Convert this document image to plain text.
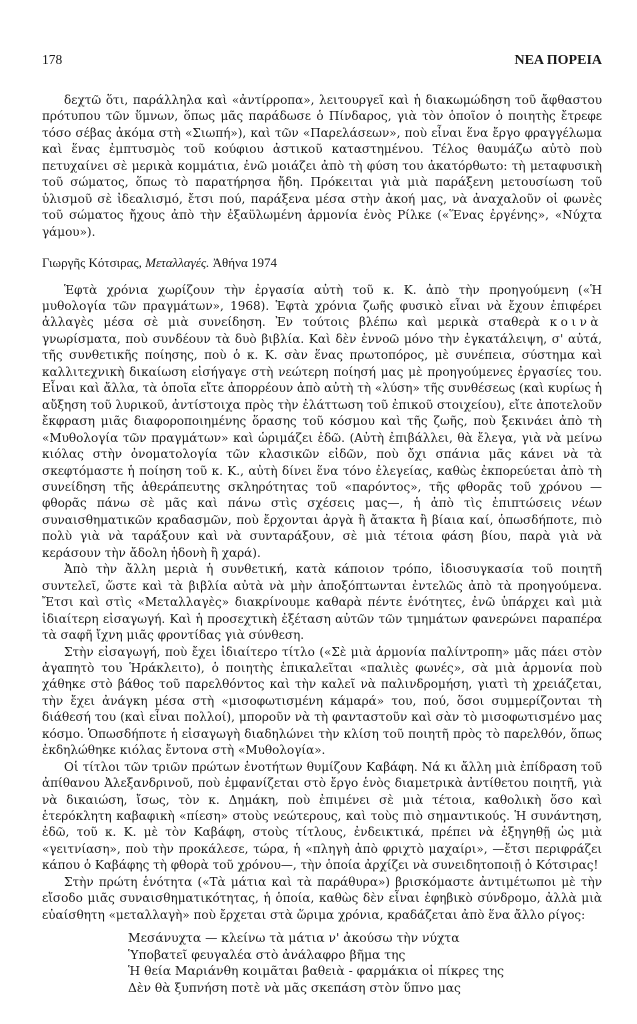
178	ΝΕΑ ΠΟΡΕΙΑ

δεχτῶ ὅτι, παράλληλα καὶ «ἀντίρροπα», λειτουργεῖ καὶ ἡ διακωμώδηση τοῦ ἄφθαστου πρότυπου τῶν ὕμνων, ὅπως μᾶς παράδωσε ὁ Πίνδαρος, γιὰ τὸν ὁποῖον ὁ ποιητὴς ἔτρεφε τόσο σέβας ἀκόμα στὴ «Σιωπή»), καὶ τῶν «Παρελάσεων», ποὺ εἶναι ἕνα ἔργο φραγγέλωμα καὶ ἕνας ἐμπτυσμὸς τοῦ κούφιου ἀστικοῦ καταστημένου. Τέλος θαυμάζω αὐτὸ ποὺ πετυχαίνει σὲ μερικὰ κομμάτια, ἐνῶ μοιάζει ἀπὸ τὴ φύση του ἀκατόρθωτο: τὴ μεταφυσικὴ τοῦ σώματος, ὅπως τὸ παρατήρησα ἤδη. Πρόκειται γιὰ μιὰ παράξενη μετουσίωση τοῦ ὑλισμοῦ σὲ ἰδεαλισμό, ἔτσι πού, παράξενα μέσα στὴν ἀκοή μας, νὰ ἀναχαλοῦν οἱ φωνὲς τοῦ σώματος ἤχους ἀπὸ τὴν ἐξαϋλωμένη ἁρμονία ἑνὸς Ρίλκε («Ἕνας ἐργένης», «Νύχτα γάμου»).

Γιωργῆς Κότσιρας, Μεταλλαγές. Ἀθήνα 1974

Ἑφτὰ χρόνια χωρίζουν τὴν ἐργασία αὐτὴ τοῦ κ. Κ. ἀπὸ τὴν προηγούμενη («Ἡ μυθολογία τῶν πραγμάτων», 1968). Ἑφτὰ χρόνια ζωῆς φυσικὸ εἶναι νὰ ἔχουν ἐπιφέρει ἀλλαγὲς μέσα σὲ μιὰ συνείδηση. Ἐν τούτοις βλέπω καὶ μερικὰ σταθερὰ κοινὰ γνωρίσματα, ποὺ συνδέουν τὰ δυὸ βιβλία. Καὶ δὲν ἐννοῶ μόνο τὴν ἐγκατάλειψη, σ' αὐτά, τῆς συνθετικῆς ποίησης, ποὺ ὁ κ. Κ. σὰν ἕνας πρωτοπόρος, μὲ συνέπεια, σύστημα καὶ καλλιτεχνικὴ δικαίωση εἰσήγαγε στὴ νεώτερη ποίησή μας μὲ προηγούμενες ἐργασίες του. Εἶναι καὶ ἄλλα, τὰ ὁποῖα εἴτε ἀπορρέουν ἀπὸ αὐτὴ τὴ «λύση» τῆς συνθέσεως (καὶ κυρίως ἡ αὔξηση τοῦ λυρικοῦ, ἀντίστοιχα πρὸς τὴν ἐλάττωση τοῦ ἐπικοῦ στοιχείου), εἴτε ἀποτελοῦν ἔκφραση μιᾶς διαφοροποιημένης ὅρασης τοῦ κόσμου καὶ τῆς ζωῆς, ποὺ ξεκινάει ἀπὸ τὴ «Μυθολογία τῶν πραγμάτων» καὶ ὡριμάζει ἐδῶ. (Αὐτὴ ἐπιβάλλει, θὰ ἔλεγα, γιὰ νὰ μείνω κιόλας στὴν ὀνοματολογία τῶν κλασικῶν εἰδῶν, ποὺ ὄχι σπάνια μᾶς κάνει νὰ τὰ σκεφτόμαστε ἡ ποίηση τοῦ κ. Κ., αὐτὴ δίνει ἕνα τόνο ἐλεγείας, καθὼς ἐκπορεύεται ἀπὸ τὴ συνείδηση τῆς ἀθεράπευτης σκληρότητας τοῦ «παρόντος», τῆς φθορᾶς τοῦ χρόνου —φθορᾶς πάνω σὲ μᾶς καὶ πάνω στὶς σχέσεις μας—, ἡ ἀπὸ τὶς ἐπιπτώσεις νέων συναισθηματικῶν κραδασμῶν, ποὺ ἔρχονται ἀργὰ ἢ ἄτακτα ἢ βίαια καί, ὁπωσδήποτε, πιὸ πολὺ γιὰ νὰ ταράξουν καὶ νὰ συνταράξουν, σὲ μιὰ τέτοια φάση βίου, παρὰ γιὰ νὰ κεράσουν τὴν ἄδολη ἡδονὴ ἢ χαρά).

Ἀπὸ τὴν ἄλλη μεριὰ ἡ συνθετική, κατὰ κάποιον τρόπο, ἰδιοσυγκασία τοῦ ποιητῆ συντελεῖ, ὥστε καὶ τὰ βιβλία αὐτὰ νὰ μὴν ἀποξόπτωνται ἐντελῶς ἀπὸ τὰ προηγούμενα. Ἔτσι καὶ στὶς «Μεταλλαγὲς» διακρίνουμε καθαρὰ πέντε ἑνότητες, ἐνῶ ὑπάρχει καὶ μιὰ ἰδιαίτερη εἰσαγωγή. Καὶ ἡ προσεχτικὴ ἐξέταση αὐτῶν τῶν τμημάτων φανερώνει παραπέρα τὰ σαφῆ ἴχνη μιᾶς φροντίδας γιὰ σύνθεση.

Στὴν εἰσαγωγή, ποὺ ἔχει ἰδιαίτερο τίτλο («Σὲ μιὰ ἁρμονία παλίντροπη» μᾶς πάει στὸν ἀγαπητὸ του Ἡράκλειτο), ὁ ποιητὴς ἐπικαλεῖται «παλιὲς φωνές», σὰ μιὰ ἁρμονία ποὺ χάθηκε στὸ βάθος τοῦ παρελθόντος καὶ τὴν καλεῖ νὰ παλινδρομήση, γιατὶ τὴ χρειάζεται, τὴν ἔχει ἀνάγκη μέσα στὴ «μισοφωτισμένη κάμαρά» του, πού, ὅσοι συμμερίζονται τὴ διάθεσή του (καὶ εἶναι πολλοί), μποροῦν νὰ τὴ φανταστοῦν καὶ σὰν τὸ μισοφωτισμένο μας κόσμο. Ὁπωσδήποτε ἡ εἰσαγωγὴ διαδηλώνει τὴν κλίση τοῦ ποιητῆ πρὸς τὸ παρελθόν, ὅπως ἐκδηλώθηκε κιόλας ἔντονα στὴ «Μυθολογία».

Οἱ τίτλοι τῶν τριῶν πρώτων ἑνοτήτων θυμίζουν Καβάφη. Νά κι ἄλλη μιὰ ἐπίδραση τοῦ ἀπίθανου Ἀλεξανδρινοῦ, ποὺ ἐμφανίζεται στὸ ἔργο ἑνὸς διαμετρικὰ ἀντίθετου ποιητῆ, γιὰ νὰ δικαιώση, ἴσως, τὸν κ. Δημάκη, ποὺ ἐπιμένει σὲ μιὰ τέτοια, καθολικὴ ὅσο καὶ ἑτερόκλητη καβαφικὴ «πίεση» στοὺς νεώτερους, καὶ τοὺς πιὸ σημαντικούς. Ἡ συνάντηση, ἐδῶ, τοῦ κ. Κ. μὲ τὸν Καβάφη, στοὺς τίτλους, ἐνδεικτικά, πρέπει νὰ ἐξηγηθῇ ὡς μιὰ «γειτνίαση», ποὺ τὴν προκάλεσε, τώρα, ἡ «πληγὴ ἀπὸ φριχτὸ μαχαίρι», —ἔτσι περιφράζει κάπου ὁ Καβάφης τὴ φθορὰ τοῦ χρόνου—, τὴν ὁποία ἀρχίζει νὰ συνειδητοποιῇ ὁ Κότσιρας!

Στὴν πρώτη ἑνότητα («Τὰ μάτια καὶ τὰ παράθυρα») βρισκόμαστε ἀντιμέτωποι μὲ τὴν εἴσοδο μιᾶς συναισθηματικότητας, ἡ ὁποία, καθὼς δὲν εἶναι ἐφηβικὸ σύνδρομο, ἀλλὰ μιὰ εὐαίσθητη «μεταλλαγὴ» ποὺ ἔρχεται στὰ ὥριμα χρόνια, κραδάζεται ἀπὸ ἕνα ἄλλο ρίγος:

Μεσάνυχτα — κλείνω τὰ μάτια ν' ἀκούσω τὴν νύχτα
Ὑποβατεῖ φευγαλέα στὸ ἀνάλαφρο βῆμα της
Ἡ θεία Μαριάνθη κοιμᾶται βαθειὰ - φαρμάκια οἱ πίκρες της
Δὲν θὰ ξυπνήση ποτὲ νὰ μᾶς σκεπάση στὸν ὕπνο μας
